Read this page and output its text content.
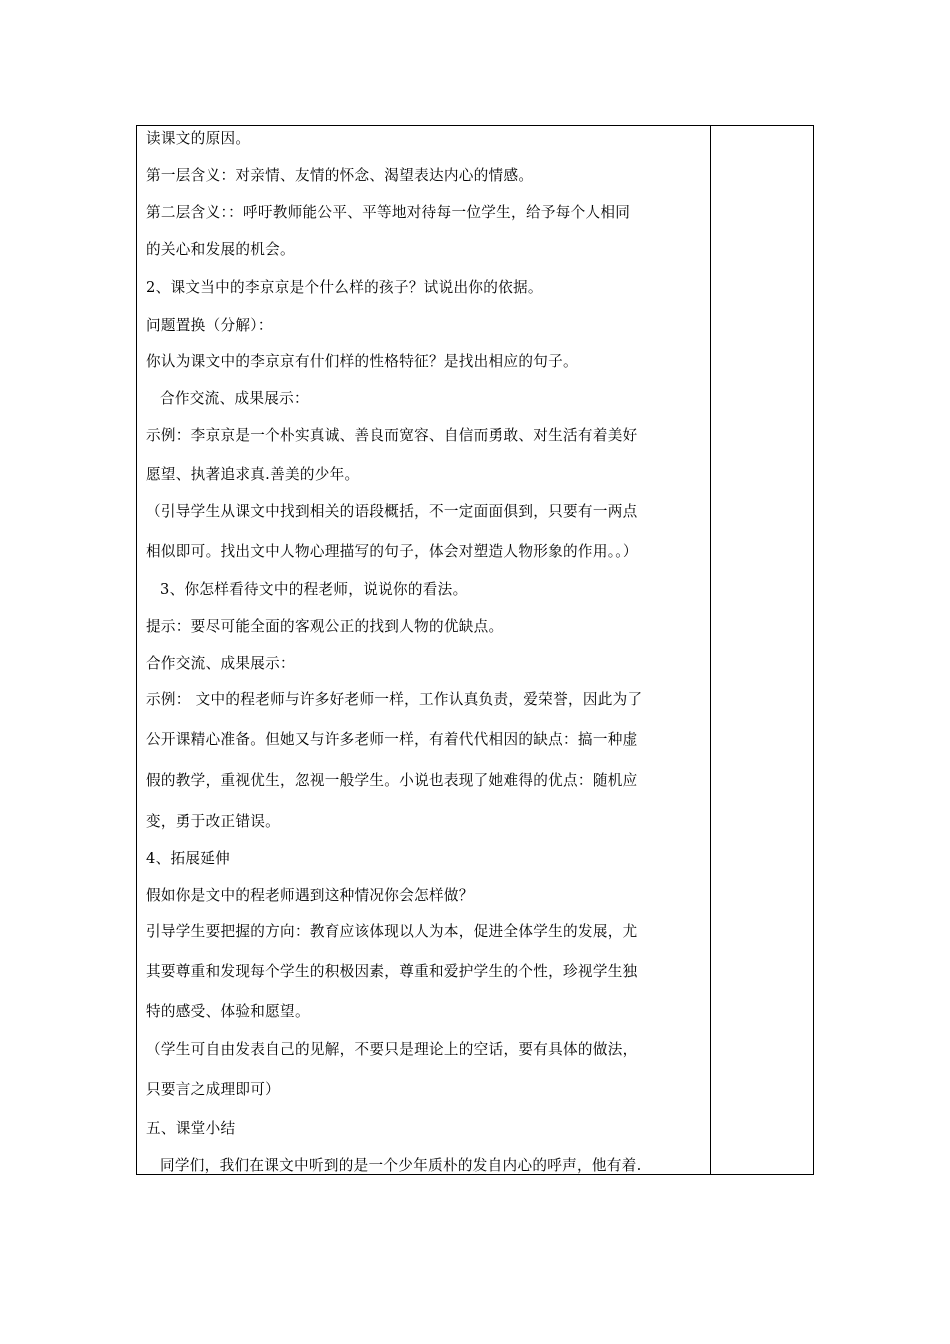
读课文的原因。
第一层含义：对亲情、友情的怀念、渴望表达内心的情感。
第二层含义：：呼吁教师能公平、平等地对待每一位学生，给予每个人相同
的关心和发展的机会。
2、课文当中的李京京是个什么样的孩子？试说出你的依据。
问题置换（分解）：
你认为课文中的李京京有什们样的性格特征？是找出相应的句子。
合作交流、成果展示：
示例：李京京是一个朴实真诚、善良而宽容、自信而勇敢、对生活有着美好
愿望、执著追求真.善美的少年。
（引导学生从课文中找到相关的语段概括，不一定面面俱到，只要有一两点
相似即可。找出文中人物心理描写的句子，体会对塑造人物形象的作用。。）
3、你怎样看待文中的程老师，说说你的看法。
提示：要尽可能全面的客观公正的找到人物的优缺点。
合作交流、成果展示：
示例： 文中的程老师与许多好老师一样，工作认真负责，爱荣誉，因此为了
公开课精心准备。但她又与许多老师一样，有着代代相因的缺点：搞一种虚
假的教学，重视优生，忽视一般学生。小说也表现了她难得的优点：随机应
变，勇于改正错误。
4、拓展延伸
假如你是文中的程老师遇到这种情况你会怎样做？
引导学生要把握的方向：教育应该体现以人为本，促进全体学生的发展，尤
其要尊重和发现每个学生的积极因素，尊重和爱护学生的个性，珍视学生独
特的感受、体验和愿望。
（学生可自由发表自己的见解，不要只是理论上的空话，要有具体的做法，
只要言之成理即可）
五、课堂小结
同学们，我们在课文中听到的是一个少年质朴的发自内心的呼声，他有着.
